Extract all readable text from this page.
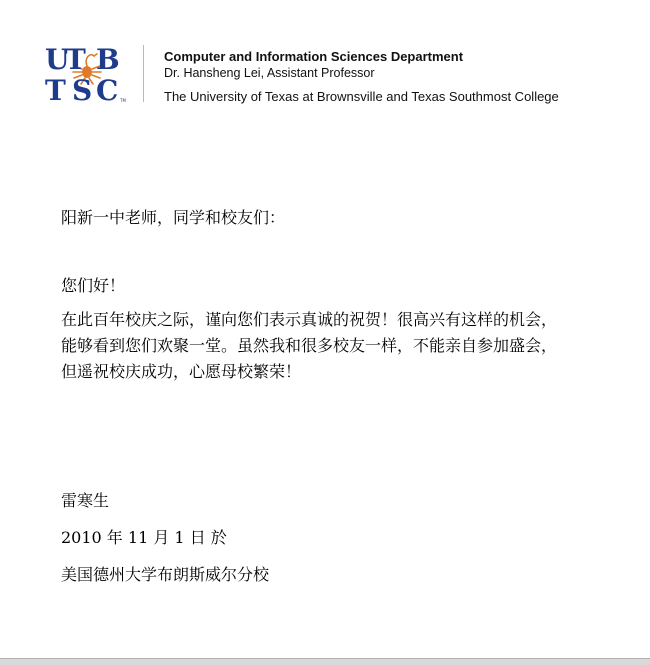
U
T B
T S C TM
Computer and Information Sciences Department
Dr. Hansheng Lei, Assistant Professor
The University of Texas at Brownsville and Texas Southmost College
阳新一中老师，同学和校友们：
您们好！

在此百年校庆之际，谨向您们表示真诚的祝贺！很高兴有这样的机会，

能够看到您们欢聚一堂。虽然我和很多校友一样，不能亲自参加盛会，

但遥祝校庆成功，心愿母校繁荣！

雷寒生
2010 年 11 月 1 日 於
美国德州大学布朗斯威尔分校
